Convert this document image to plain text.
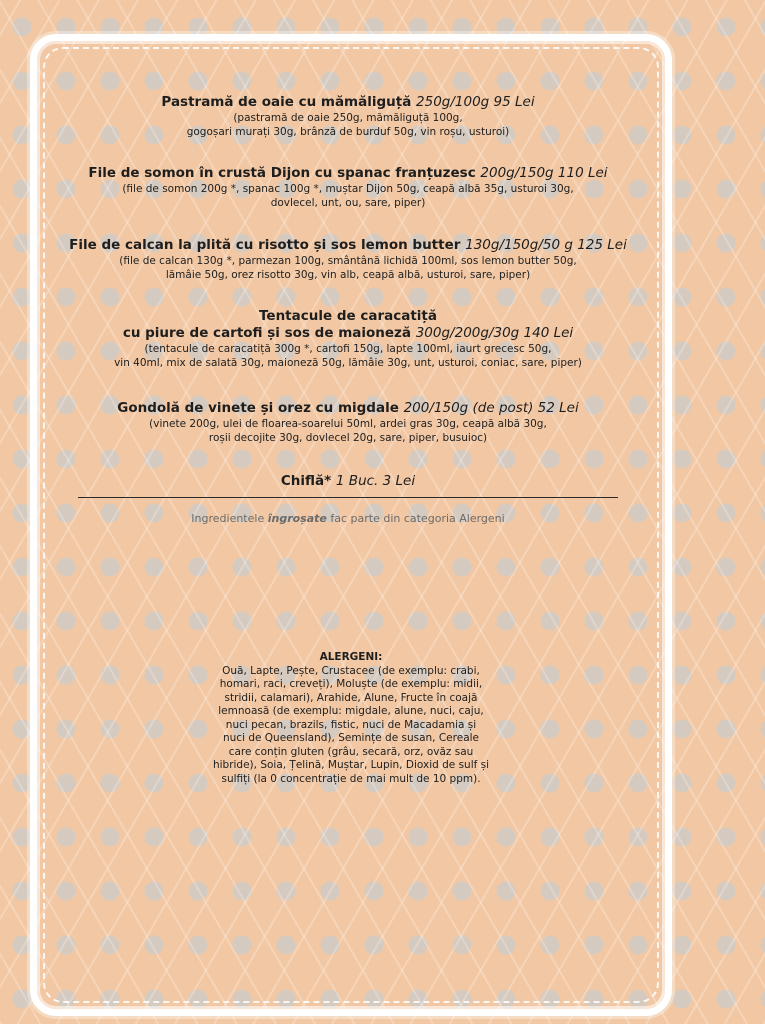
Pastramă de oaie cu mămăliguță 250g/100g 95 Lei
(pastramă de oaie 250g, mămăliguță 100g,
gogoșari murați 30g, brânză de burduf 50g, vin roșu, usturoi)
File de somon în crustă Dijon cu spanac franțuzesc 200g/150g 110 Lei
(file de somon 200g *, spanac 100g *, muștar Dijon 50g, ceapă albă 35g, usturoi 30g,
dovlecel, unt, ou, sare, piper)
File de calcan la plită cu risotto și sos lemon butter 130g/150g/50 g 125 Lei
(file de calcan 130g *, parmezan 100g, smântână lichidă 100ml, sos lemon butter 50g,
lămâie 50g, orez risotto 30g, vin alb, ceapă albă, usturoi, sare, piper)
Tentacule de caracatiță
cu piure de cartofi și sos de maioneză 300g/200g/30g 140 Lei
(tentacule de caracatiță 300g *, cartofi 150g, lapte 100ml, iaurt grecesc 50g,
vin 40ml, mix de salată 30g, maioneză 50g, lămâie 30g, unt, usturoi, coniac, sare, piper)
Gondolă de vinete și orez cu migdale 200/150g (de post) 52 Lei
(vinete 200g, ulei de floarea-soarelui 50ml, ardei gras 30g, ceapă albă 30g,
roșii decojite 30g, dovlecel 20g, sare, piper, busuioc)
Chiflă* 1 Buc. 3 Lei
Ingredientele îngroșate fac parte din categoria Alergeni
ALERGENI:
Ouă, Lapte, Pește, Crustacee (de exemplu: crabi,
homari, raci, creveți), Moluște (de exemplu: midii,
stridii, calamari), Arahide, Alune, Fructe în coajă
lemnoasă (de exemplu: migdale, alune, nuci, caju,
nuci pecan, brazils, fistic, nuci de Macadamia și
nuci de Queensland), Semințe de susan, Cereale
care conțin gluten (grâu, secară, orz, ovăz sau
hibride), Soia, Țelină, Muștar, Lupin, Dioxid de sulf și
sulfiți (la 0 concentrație de mai mult de 10 ppm).
